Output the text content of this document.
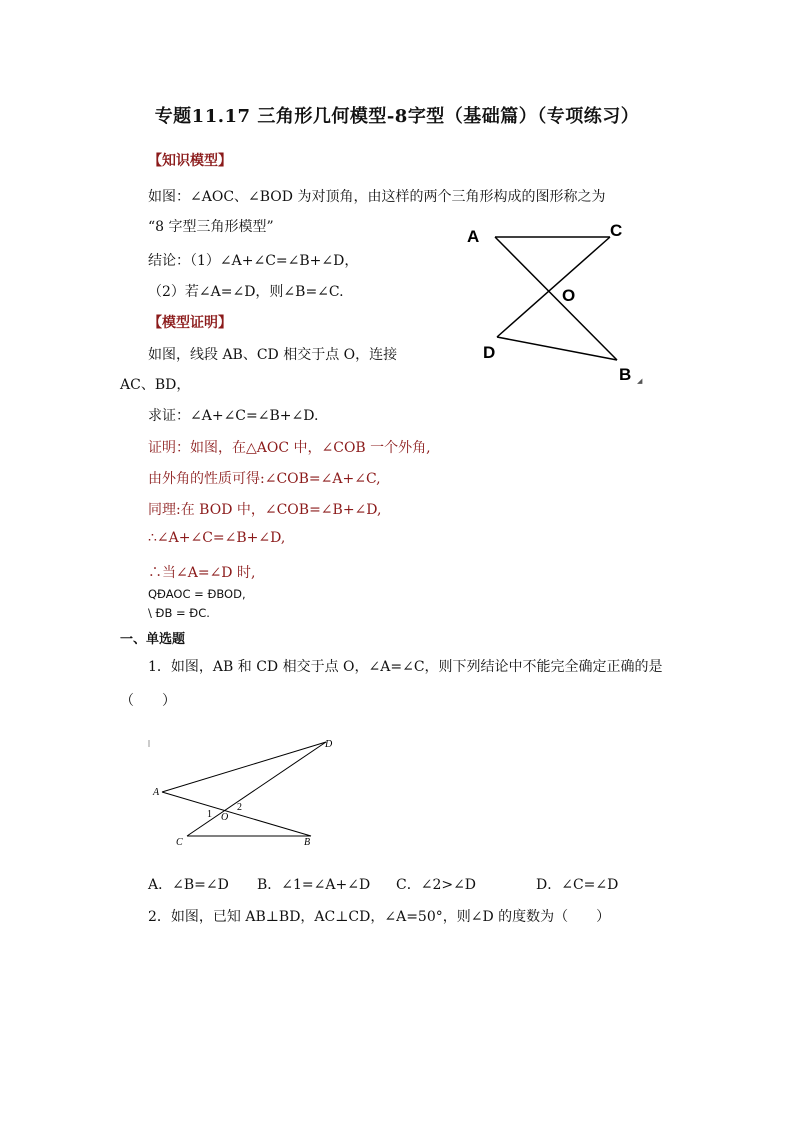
专题11.17 三角形几何模型-8字型（基础篇）（专项练习）
【知识模型】
如图：∠AOC、∠BOD 为对顶角，由这样的两个三角形构成的图形称之为
“8 字型三角形模型”
结论：（1）∠A+∠C=∠B+∠D，
（2）若∠A=∠D，则∠B=∠C.
【模型证明】
如图，线段 AB、CD 相交于点 O，连接
AC、BD，
求证：∠A+∠C=∠B+∠D.
证明：如图，在△AOC 中，∠COB 一个外角,
由外角的性质可得:∠COB=∠A+∠C,
同理:在 BOD 中，∠COB=∠B+∠D,
∴∠A+∠C=∠B+∠D,
∴当∠A=∠D 时,
QÐAOC = ÐBOD,
\ ÐB = ÐC.
A	C
O
D
B ◢
一、单选题
1．如图，AB 和 CD 相交于点 O，∠A=∠C，则下列结论中不能完全确定正确的是
（　　）
A
D
C	B
O
1
2
A．∠B=∠D B．∠1=∠A+∠D C．∠2>∠D	D．∠C=∠D
2．如图，已知 AB⊥BD，AC⊥CD，∠A=50°，则∠D 的度数为（　　）
